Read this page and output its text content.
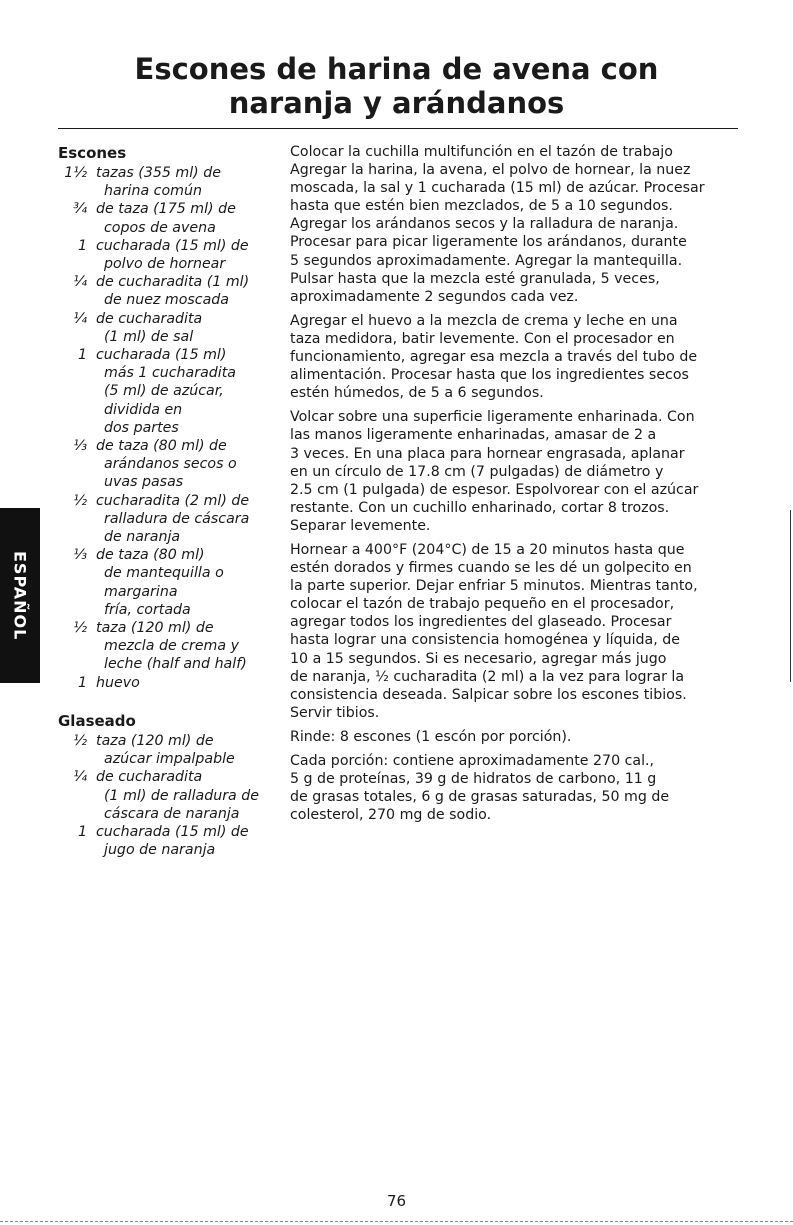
Escones de harina de avena con
naranja y arándanos
Escones
1½ tazas (355 ml) de
harina común
¾ de taza (175 ml) de
copos de avena
1 cucharada (15 ml) de
polvo de hornear
¼ de cucharadita (1 ml)
de nuez moscada
¼ de cucharadita
(1 ml) de sal
1 cucharada (15 ml)
más 1 cucharadita
(5 ml) de azúcar,
dividida en
dos partes
⅓ de taza (80 ml) de
arándanos secos o
uvas pasas
½ cucharadita (2 ml) de
ralladura de cáscara
de naranja
⅓ de taza (80 ml)
de mantequilla o
margarina
fría, cortada
½ taza (120 ml) de
mezcla de crema y
leche (half and half)
1 huevo
Glaseado
½ taza (120 ml) de
azúcar impalpable
¼ de cucharadita
(1 ml) de ralladura de
cáscara de naranja
1 cucharada (15 ml) de
jugo de naranja
Colocar la cuchilla multifunción en el tazón de trabajo
Agregar la harina, la avena, el polvo de hornear, la nuez
moscada, la sal y 1 cucharada (15 ml) de azúcar. Procesar
hasta que estén bien mezclados, de 5 a 10 segundos.
Agregar los arándanos secos y la ralladura de naranja.
Procesar para picar ligeramente los arándanos, durante
5 segundos aproximadamente. Agregar la mantequilla.
Pulsar hasta que la mezcla esté granulada, 5 veces,
aproximadamente 2 segundos cada vez.
Agregar el huevo a la mezcla de crema y leche en una
taza medidora, batir levemente. Con el procesador en
funcionamiento, agregar esa mezcla a través del tubo de
alimentación. Procesar hasta que los ingredientes secos
estén húmedos, de 5 a 6 segundos.
Volcar sobre una superficie ligeramente enharinada. Con
las manos ligeramente enharinadas, amasar de 2 a
3 veces. En una placa para hornear engrasada, aplanar
en un círculo de 17.8 cm (7 pulgadas) de diámetro y
2.5 cm (1 pulgada) de espesor. Espolvorear con el azúcar
restante. Con un cuchillo enharinado, cortar 8 trozos.
Separar levemente.
Hornear a 400°F (204°C) de 15 a 20 minutos hasta que
estén dorados y firmes cuando se les dé un golpecito en
la parte superior. Dejar enfriar 5 minutos. Mientras tanto,
colocar el tazón de trabajo pequeño en el procesador,
agregar todos los ingredientes del glaseado. Procesar
hasta lograr una consistencia homogénea y líquida, de
10 a 15 segundos. Si es necesario, agregar más jugo
de naranja, ½ cucharadita (2 ml) a la vez para lograr la
consistencia deseada. Salpicar sobre los escones tibios.
Servir tibios.
Rinde: 8 escones (1 escón por porción).
Cada porción: contiene aproximadamente 270 cal.,
5 g de proteínas, 39 g de hidratos de carbono, 11 g
de grasas totales, 6 g de grasas saturadas, 50 mg de
colesterol, 270 mg de sodio.
ESPAÑOL
76
